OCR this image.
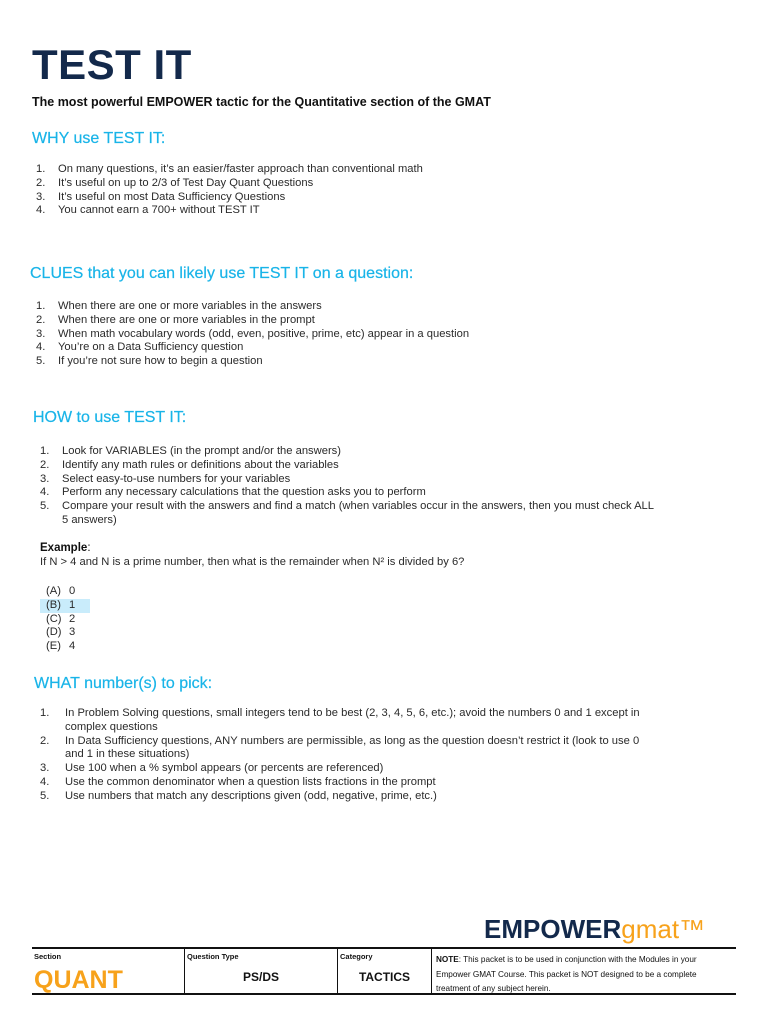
TEST IT
The most powerful EMPOWER tactic for the Quantitative section of the GMAT
WHY use TEST IT:
1.	On many questions, it’s an easier/faster approach than conventional math
2.	It’s useful on up to 2/3 of Test Day Quant Questions
3.	It’s useful on most Data Sufficiency Questions
4.	You cannot earn a 700+ without TEST IT
CLUES that you can likely use TEST IT on a question:
1.	When there are one or more variables in the answers
2.	When there are one or more variables in the prompt
3.	When math vocabulary words (odd, even, positive, prime, etc) appear in a question
4.	You’re on a Data Sufficiency question
5.	If you’re not sure how to begin a question
HOW to use TEST IT:
1.	Look for VARIABLES (in the prompt and/or the answers)
2.	Identify any math rules or definitions about the variables
3.	Select easy-to-use numbers for your variables
4.	Perform any necessary calculations that the question asks you to perform
5.	Compare your result with the answers and find a match (when variables occur in the answers, then you must check ALL 5 answers)
Example:
If N > 4 and N is a prime number, then what is the remainder when N² is divided by 6?
(A) 0
(B) 1
(C) 2
(D) 3
(E) 4
WHAT number(s) to pick:
1.	In Problem Solving questions, small integers tend to be best (2, 3, 4, 5, 6, etc.); avoid the numbers 0 and 1 except in complex questions
2.	In Data Sufficiency questions, ANY numbers are permissible, as long as the question doesn’t restrict it (look to use 0 and 1 in these situations)
3.	Use 100 when a % symbol appears (or percents are referenced)
4.	Use the common denominator when a question lists fractions in the prompt
5.	Use numbers that match any descriptions given (odd, negative, prime, etc.)
EMPOWERgmat™
Section
QUANT
Question Type
PS/DS
Category
TACTICS
NOTE: This packet is to be used in conjunction with the Modules in your Empower GMAT Course. This packet is NOT designed to be a complete treatment of any subject herein.
